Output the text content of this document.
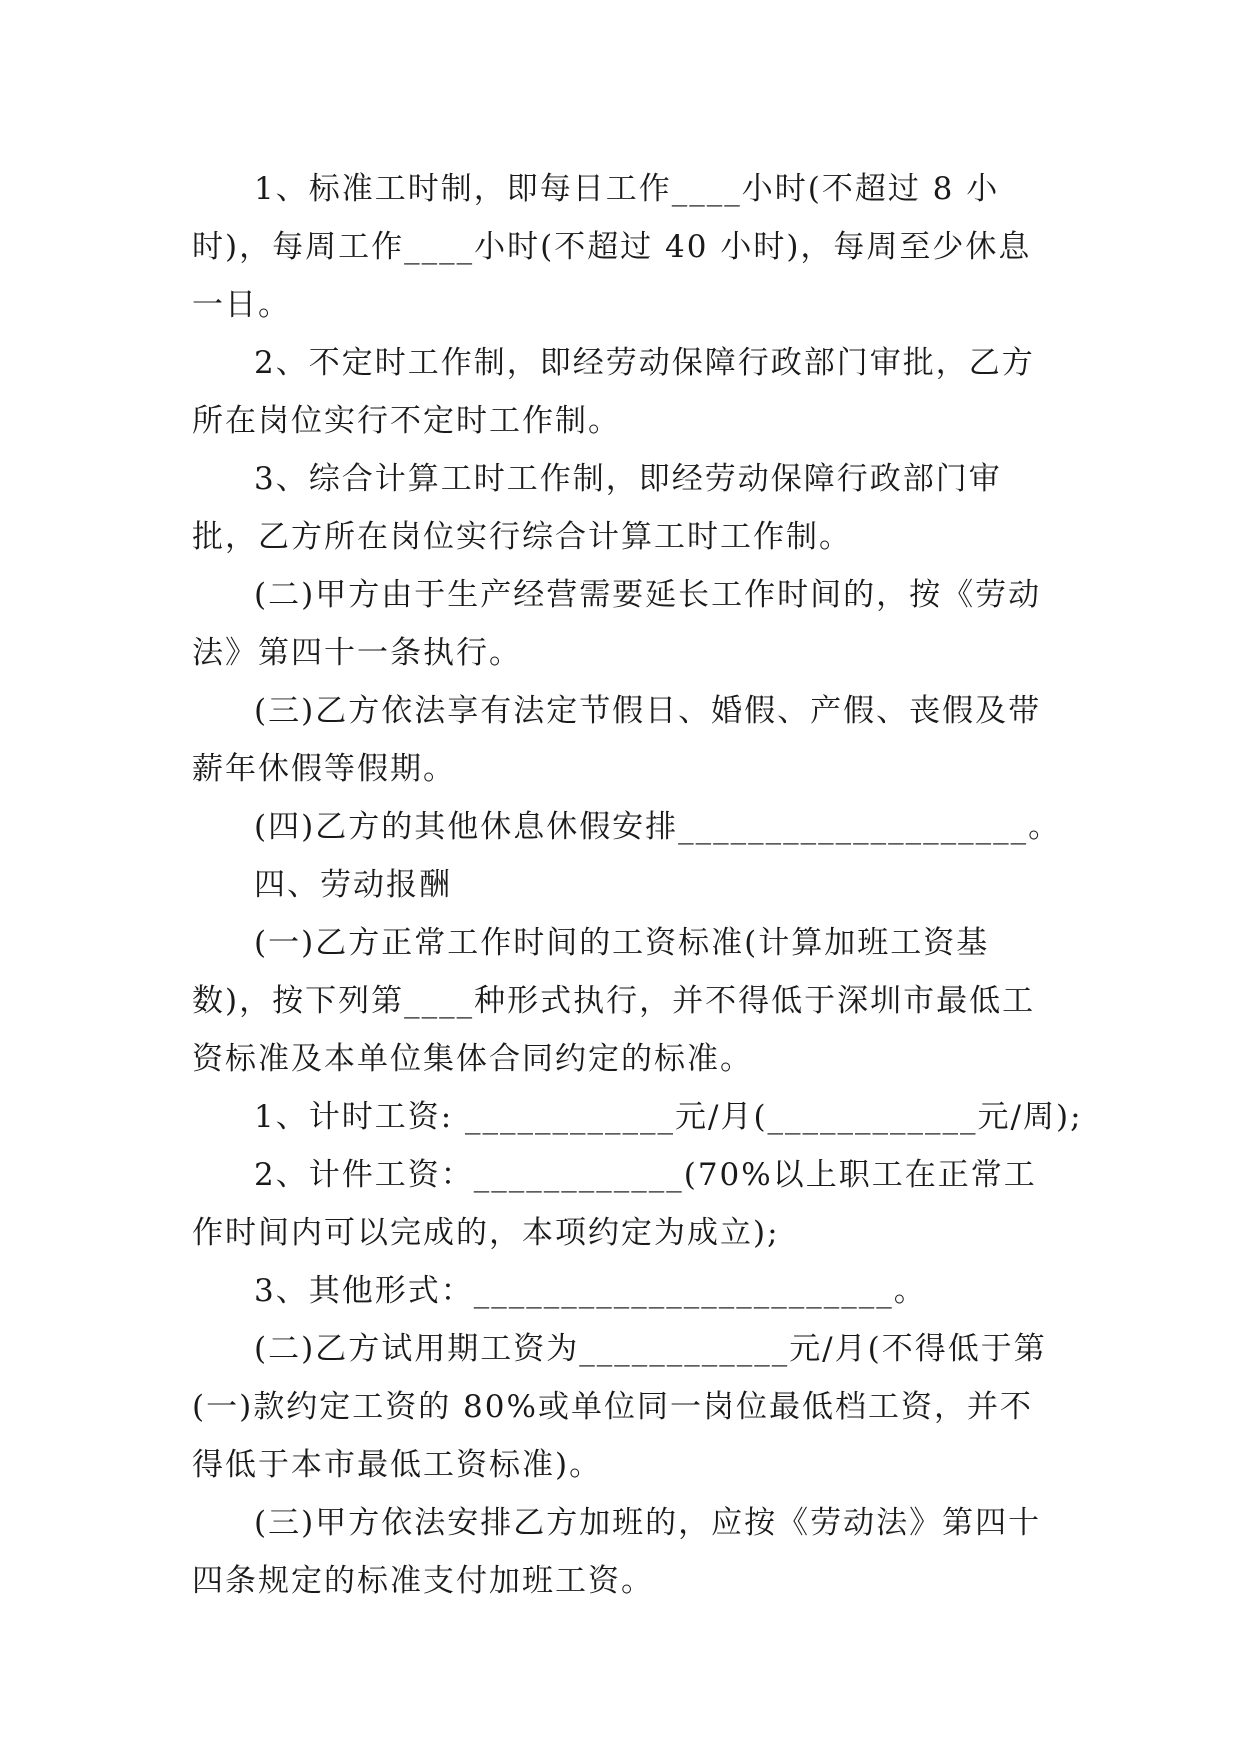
1、标准工时制，即每日工作____小时(不超过 8 小时)，每周工作____小时(不超过 40 小时)，每周至少休息一日。

2、不定时工作制，即经劳动保障行政部门审批，乙方所在岗位实行不定时工作制。

3、综合计算工时工作制，即经劳动保障行政部门审批，乙方所在岗位实行综合计算工时工作制。

(二)甲方由于生产经营需要延长工作时间的，按《劳动法》第四十一条执行。

(三)乙方依法享有法定节假日、婚假、产假、丧假及带薪年休假等假期。

(四)乙方的其他休息休假安排____________________。

四、劳动报酬

(一)乙方正常工作时间的工资标准(计算加班工资基数)，按下列第____种形式执行，并不得低于深圳市最低工资标准及本单位集体合同约定的标准。

1、计时工资: ____________元/月(____________元/周);

2、计件工资：____________(70%以上职工在正常工作时间内可以完成的，本项约定为成立);

3、其他形式：________________________。

(二)乙方试用期工资为____________元/月(不得低于第(一)款约定工资的 80%或单位同一岗位最低档工资，并不得低于本市最低工资标准)。

(三)甲方依法安排乙方加班的，应按《劳动法》第四十四条规定的标准支付加班工资。
